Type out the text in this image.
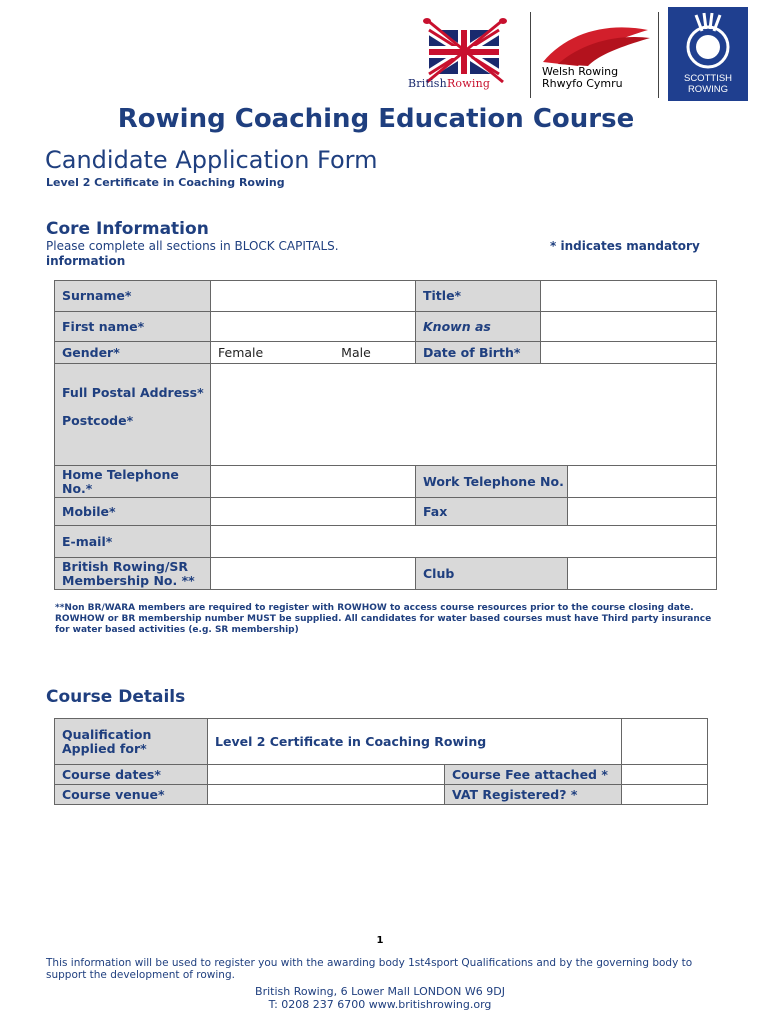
BritishRowing
Welsh Rowing
Rhwyfo Cymru	SCOTTISH
ROWING
Rowing Coaching Education Course
Candidate Application Form
Level 2 Certificate in Coaching Rowing
Core Information
Please complete all sections in BLOCK CAPITALS.	* indicates mandatory
information
Surname*		Title*	
First name*		Known as	
Gender*	Female Male	Date of Birth*	

Full Postal Address*
Postcode*			

Home Telephone No.*		Work Telephone No.	
Mobile*		Fax	
E-mail*			
British Rowing/SR Membership No. **		Club	
**Non BR/WARA members are required to register with ROWHOW to access course resources prior to the course closing date. ROWHOW or BR membership number MUST be supplied. All candidates for water based courses must have Third party insurance for water based activities (e.g. SR membership)
Course Details
Qualification Applied for*	Level 2 Certificate in Coaching Rowing		
Course dates*		Course Fee attached *	
Course venue*		VAT Registered? *	
1
This information will be used to register you with the awarding body 1st4sport Qualifications and by the governing body to support the development of rowing.
British Rowing, 6 Lower Mall LONDON W6 9DJ
T: 0208 237 6700 www.britishrowing.org
